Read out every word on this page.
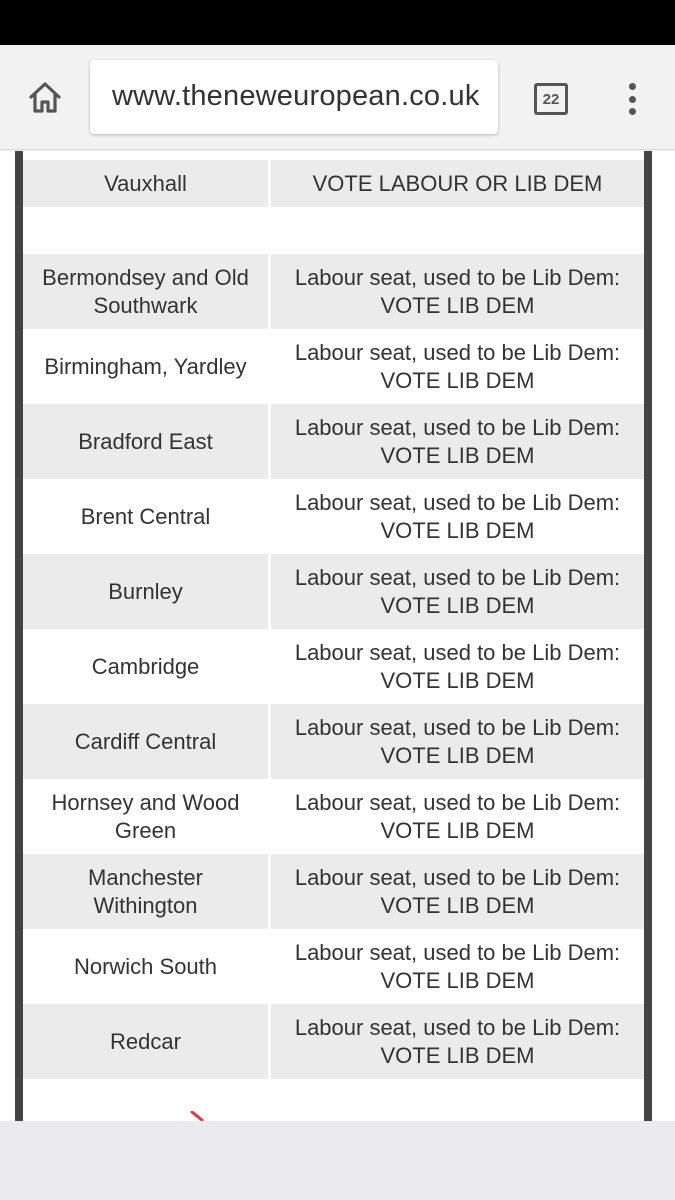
www.theneweuropean.co.uk	22
Vauxhall	VOTE LABOUR OR LIB DEM
Bermondsey and Old Southwark
Labour seat, used to be Lib Dem: VOTE LIB DEM
Birmingham, Yardley
Labour seat, used to be Lib Dem: VOTE LIB DEM
Bradford East
Labour seat, used to be Lib Dem: VOTE LIB DEM
Brent Central
Labour seat, used to be Lib Dem: VOTE LIB DEM
Burnley
Labour seat, used to be Lib Dem: VOTE LIB DEM
Cambridge
Labour seat, used to be Lib Dem: VOTE LIB DEM
Cardiff Central
Labour seat, used to be Lib Dem: VOTE LIB DEM
Hornsey and Wood Green
Labour seat, used to be Lib Dem: VOTE LIB DEM
Manchester Withington
Labour seat, used to be Lib Dem: VOTE LIB DEM
Norwich South
Labour seat, used to be Lib Dem: VOTE LIB DEM
Redcar
Labour seat, used to be Lib Dem: VOTE LIB DEM
